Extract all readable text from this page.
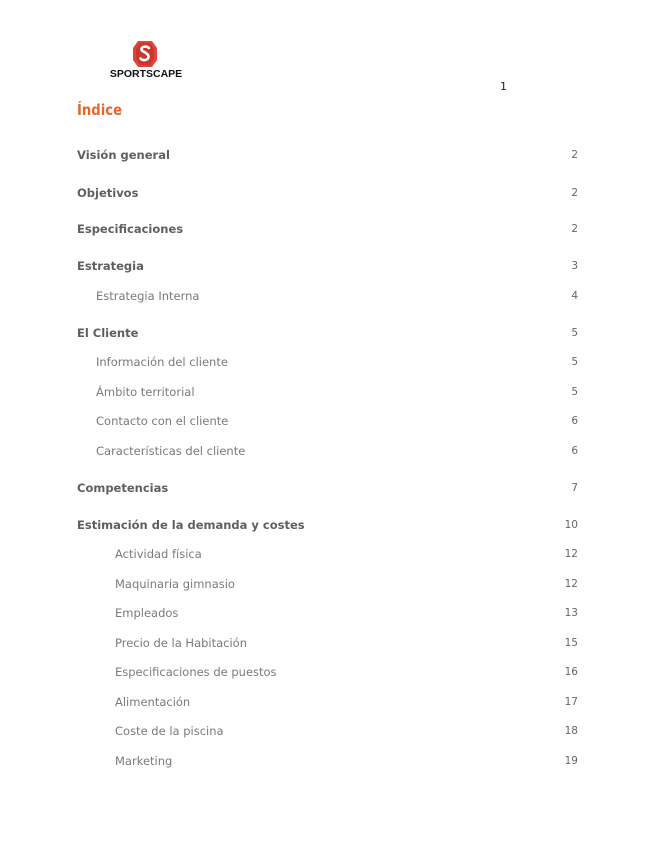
SPORTSCAPE
1
Índice
Visión general	2
Objetivos	2
Especificaciones	2
Estrategia	3
Estrategia Interna	4
El Cliente	5
Información del cliente	5
Ámbito territorial	5
Contacto con el cliente	6
Características del cliente	6
Competencias	7
Estimación de la demanda y costes	10
Actividad física	12
Maquinaria gimnasio	12
Empleados	13
Precio de la Habitación	15
Especificaciones de puestos	16
Alimentación	17
Coste de la piscina	18
Marketing	19
